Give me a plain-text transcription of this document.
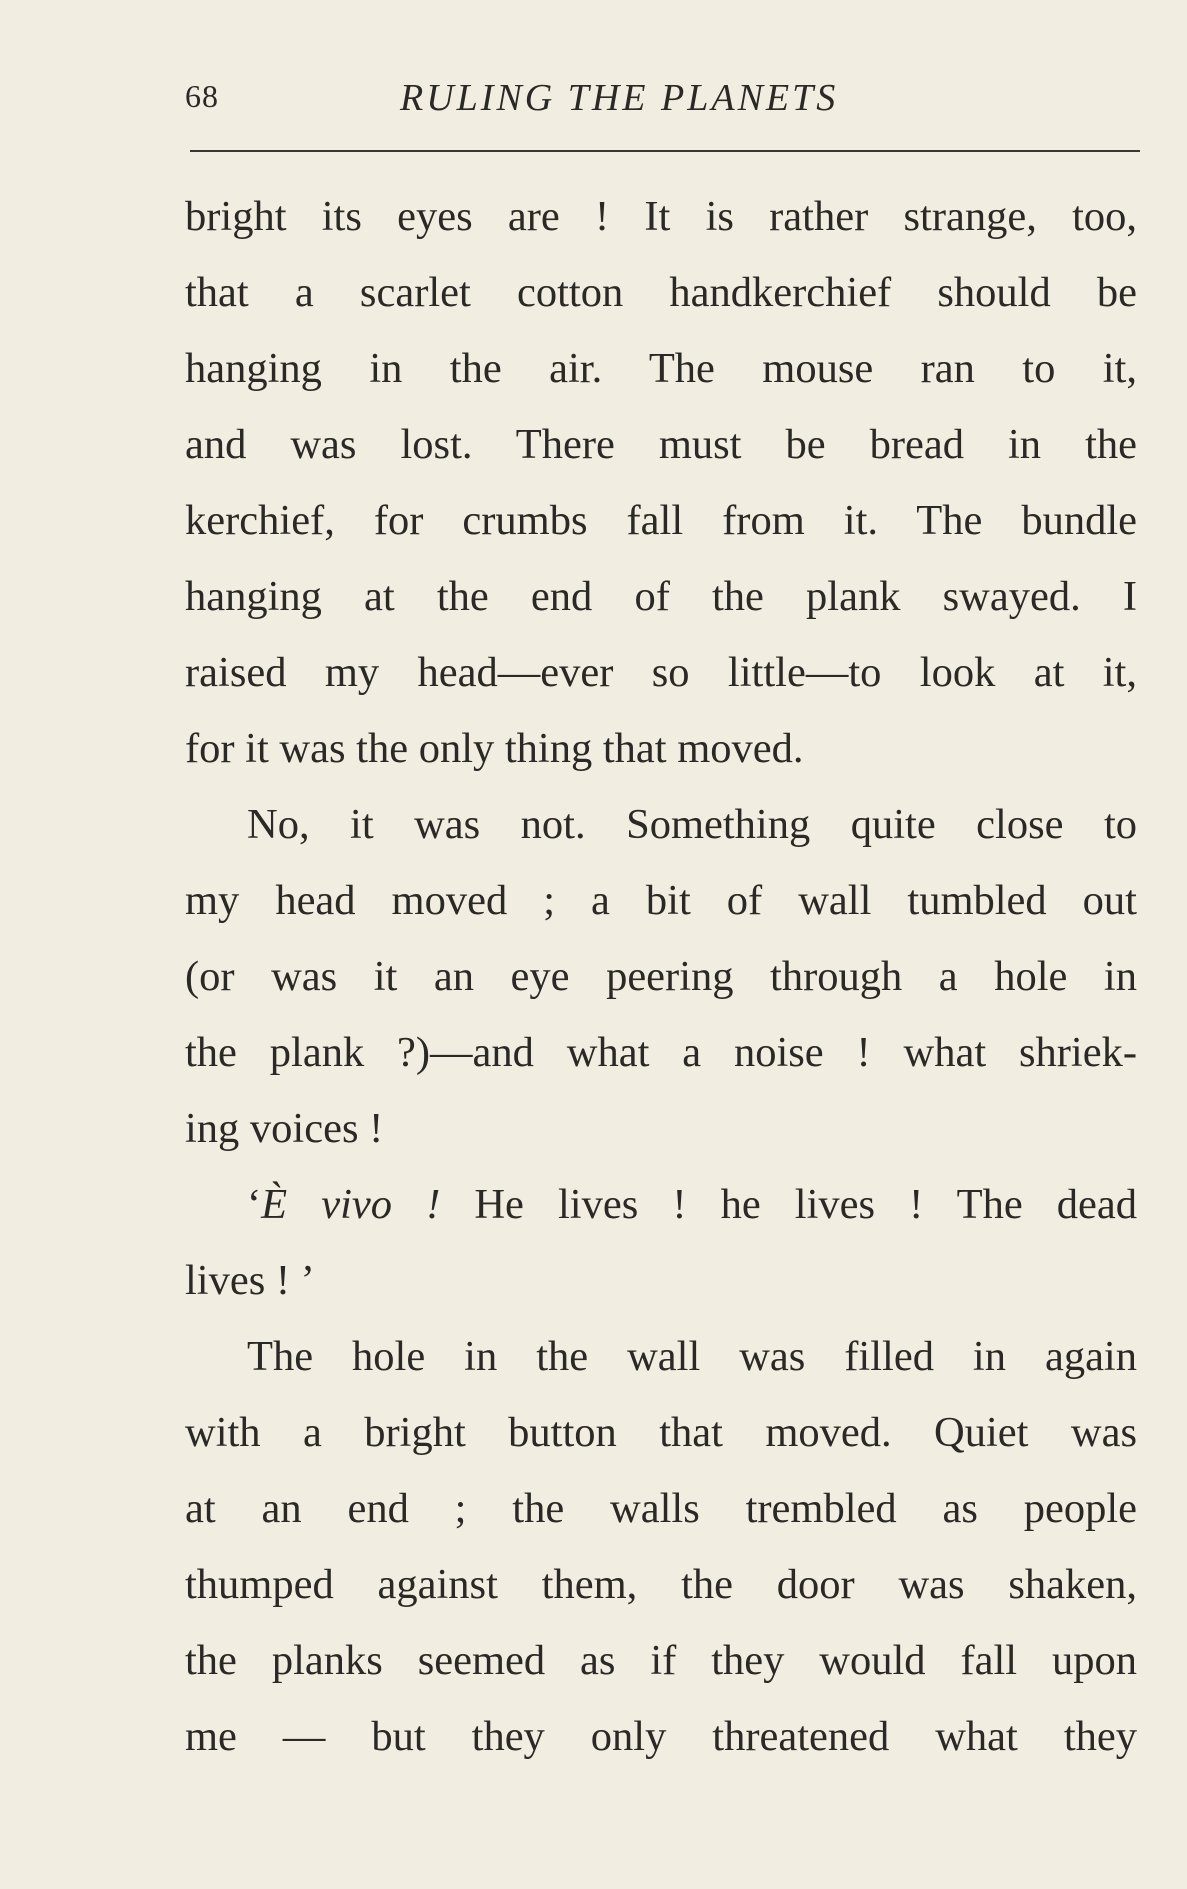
68	RULING THE PLANETS
bright its eyes are ! It is rather strange, too,
that a scarlet cotton handkerchief should be
hanging in the air. The mouse ran to it,
and was lost. There must be bread in the
kerchief, for crumbs fall from it. The bundle
hanging at the end of the plank swayed. I
raised my head—ever so little—to look at it,
for it was the only thing that moved.
No, it was not. Something quite close to
my head moved ; a bit of wall tumbled out
(or was it an eye peering through a hole in
the plank ?)—and what a noise ! what shriek-
ing voices !
‘È vivo ! He lives ! he lives ! The dead
lives ! ’
The hole in the wall was filled in again
with a bright button that moved. Quiet was
at an end ; the walls trembled as people
thumped against them, the door was shaken,
the planks seemed as if they would fall upon
me — but they only threatened what they
